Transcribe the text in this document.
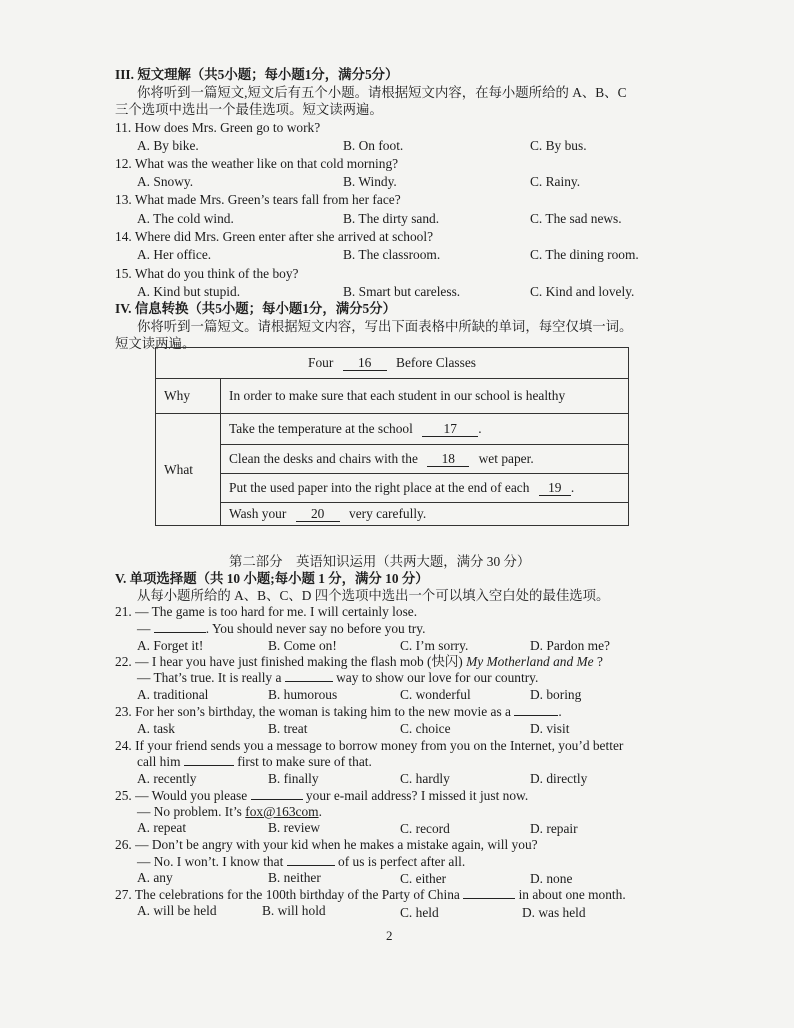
III. 短文理解（共5小题；每小题1分，满分5分）
你将听到一篇短文,短文后有五个小题。请根据短文内容，在每小题所给的 A、B、C
三个选项中选出一个最佳选项。短文读两遍。
11. How does Mrs. Green go to work?
A. By bike.	B. On foot.	C. By bus.
12. What was the weather like on that cold morning?
A. Snowy.	B. Windy.	C. Rainy.
13. What made Mrs. Green’s tears fall from her face?
A. The cold wind.	B. The dirty sand.	C. The sad news.
14. Where did Mrs. Green enter after she arrived at school?
A. Her office.	B. The classroom.	C. The dining room.
15. What do you think of the boy?
A. Kind but stupid.	B. Smart but careless.	C. Kind and lovely.
IV. 信息转换（共5小题；每小题1分，满分5分）
你将听到一篇短文。请根据短文内容，写出下面表格中所缺的单词，每空仅填一词。
短文读两遍。
Four 16 Before Classes	
Why	In order to make sure that each student in our school is healthy
What	Take the temperature at the school 17 .
	Clean the desks and chairs with the 18 wet paper.
	Put the used paper into the right place at the end of each 19 .
	Wash your 20 very carefully.
第二部分    英语知识运用（共两大题，满分 30 分）
V. 单项选择题（共 10 小题;每小题 1 分，满分 10 分）
从每小题所给的 A、B、C、D 四个选项中选出一个可以填入空白处的最佳选项。
21. — The game is too hard for me. I will certainly lose.
—	. You should never say no before you try.
A. Forget it!	B. Come on!	C. I’m sorry.	D. Pardon me?
22. — I hear you have just finished making the flash mob (快闪) My Motherland and Me ?
— That’s true. It is really a	way to show our love for our country.
A. traditional	B. humorous	C. wonderful	D. boring
23. For her son’s birthday, the woman is taking him to the new movie as a	.
A. task	B. treat	C. choice	D. visit
24. If your friend sends you a message to borrow money from you on the Internet, you’d better
call him	first to make sure of that.
A. recently	B. finally	C. hardly	D. directly
25. — Would you please	your e-mail address? I missed it just now.
— No problem. It’s fox@163com.
A. repeat	B. review	C. record	D. repair
26. — Don’t be angry with your kid when he makes a mistake again, will you?
— No. I won’t. I know that	of us is perfect after all.
A. any	B. neither	C. either	D. none
27. The celebrations for the 100th birthday of the Party of China	in about one month.
A. will be held	B. will hold	C. held	D. was held
2
